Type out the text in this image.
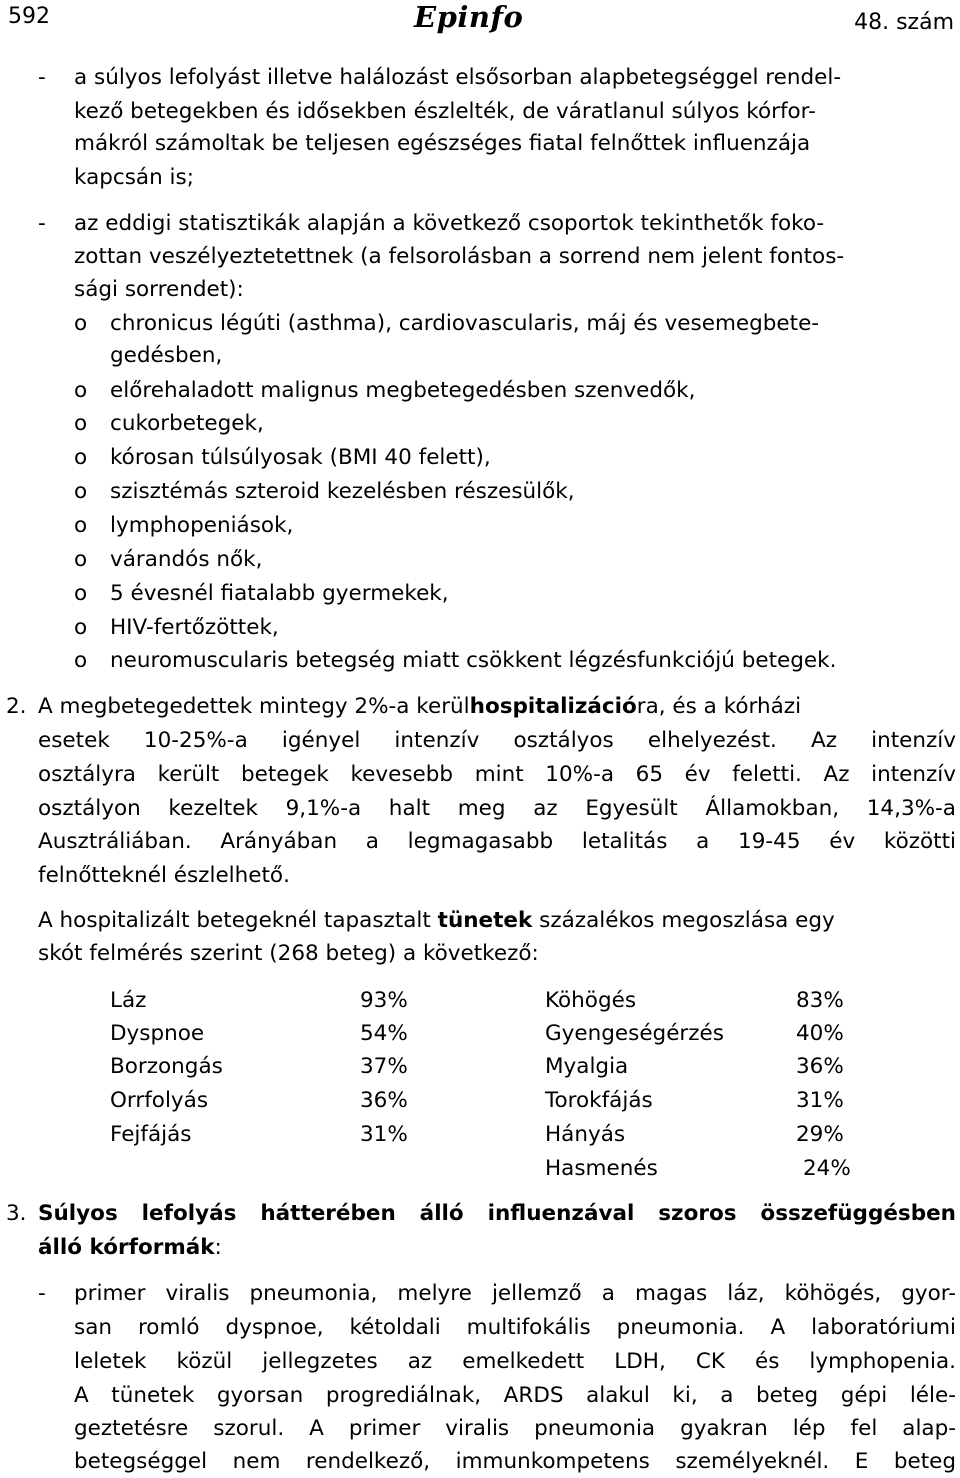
592	Epinfo	48. szám
- a súlyos lefolyást illetve halálozást elsősorban alapbetegséggel rendel-
kező betegekben és idősekben észlelték, de váratlanul súlyos kórfor-
mákról számoltak be teljesen egészséges fiatal felnőttek influenzája
kapcsán is;
- az eddigi statisztikák alapján a következő csoportok tekinthetők foko-
zottan veszélyeztetettnek (a felsorolásban a sorrend nem jelent fontos-
sági sorrendet):
o chronicus légúti (asthma), cardiovascularis, máj és vesemegbete-
gedésben,
o előrehaladott malignus megbetegedésben szenvedők,
o cukorbetegek,
o kórosan túlsúlyosak (BMI 40 felett),
o szisztémás szteroid kezelésben részesülők,
o lymphopeniások,
o várandós nők,
o 5 évesnél fiatalabb gyermekek,
o HIV-fertőzöttek,
o neuromuscularis betegség miatt csökkent légzésfunkciójú betegek.
2. A megbetegedettek mintegy 2%-a kerülhospitalizációra, és a kórházi
esetek 10-25%-a igényel intenzív osztályos elhelyezést. Az intenzív
osztályra került betegek kevesebb mint 10%-a 65 év feletti. Az intenzív
osztályon kezeltek 9,1%-a halt meg az Egyesült Államokban, 14,3%-a
Ausztráliában. Arányában a legmagasabb letalitás a 19-45 év közötti
felnőtteknél észlelhető.
A hospitalizált betegeknél tapasztalt tünetek százalékos megoszlása egy
skót felmérés szerint (268 beteg) a következő:
Láz	93%
Dyspnoe	54%
Borzongás	37%
Orrfolyás	36%
Fejfájás	31%
Köhögés	83%
Gyengeségérzés	40%
Myalgia	36%
Torokfájás	31%
Hányás	29%
Hasmenés	24%
3. Súlyos lefolyás hátterében álló influenzával szoros összefüggésben
álló kórformák:
- primer viralis pneumonia, melyre jellemző a magas láz, köhögés, gyor-
san romló dyspnoe, kétoldali multifokális pneumonia. A laboratóriumi
leletek közül jellegzetes az emelkedett LDH, CK és lymphopenia.
A tünetek gyorsan progrediálnak, ARDS alakul ki, a beteg gépi léle-
geztetésre szorul. A primer viralis pneumonia gyakran lép fel alap-
betegséggel nem rendelkező, immunkompetens személyeknél. E beteg
